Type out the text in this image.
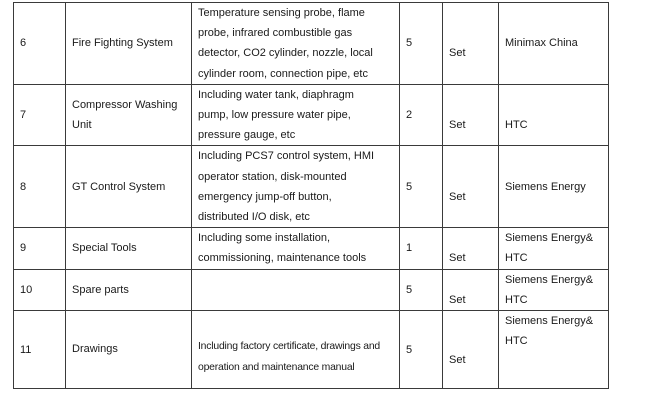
6	Fire Fighting System	Temperature sensing probe, flame
probe, infrared combustible gas
detector, CO2 cylinder, nozzle, local
cylinder room, connection pipe, etc	5	Set	Minimax China

7	Compressor Washing Unit	Including water tank, diaphragm
pump, low pressure water pipe,
pressure gauge, etc	2	Set	HTC

8	GT Control System	Including PCS7 control system, HMI
operator station, disk-mounted
emergency jump-off button,
distributed I/O disk, etc	5	Set	Siemens Energy

9	Special Tools	Including some installation,
commissioning, maintenance tools	1	Set	Siemens Energy&
HTC

10	Spare parts		5	Set	Siemens Energy&
HTC

11	Drawings	Including factory certificate, drawings and
operation and maintenance manual	5	Set	Siemens Energy&
HTC
